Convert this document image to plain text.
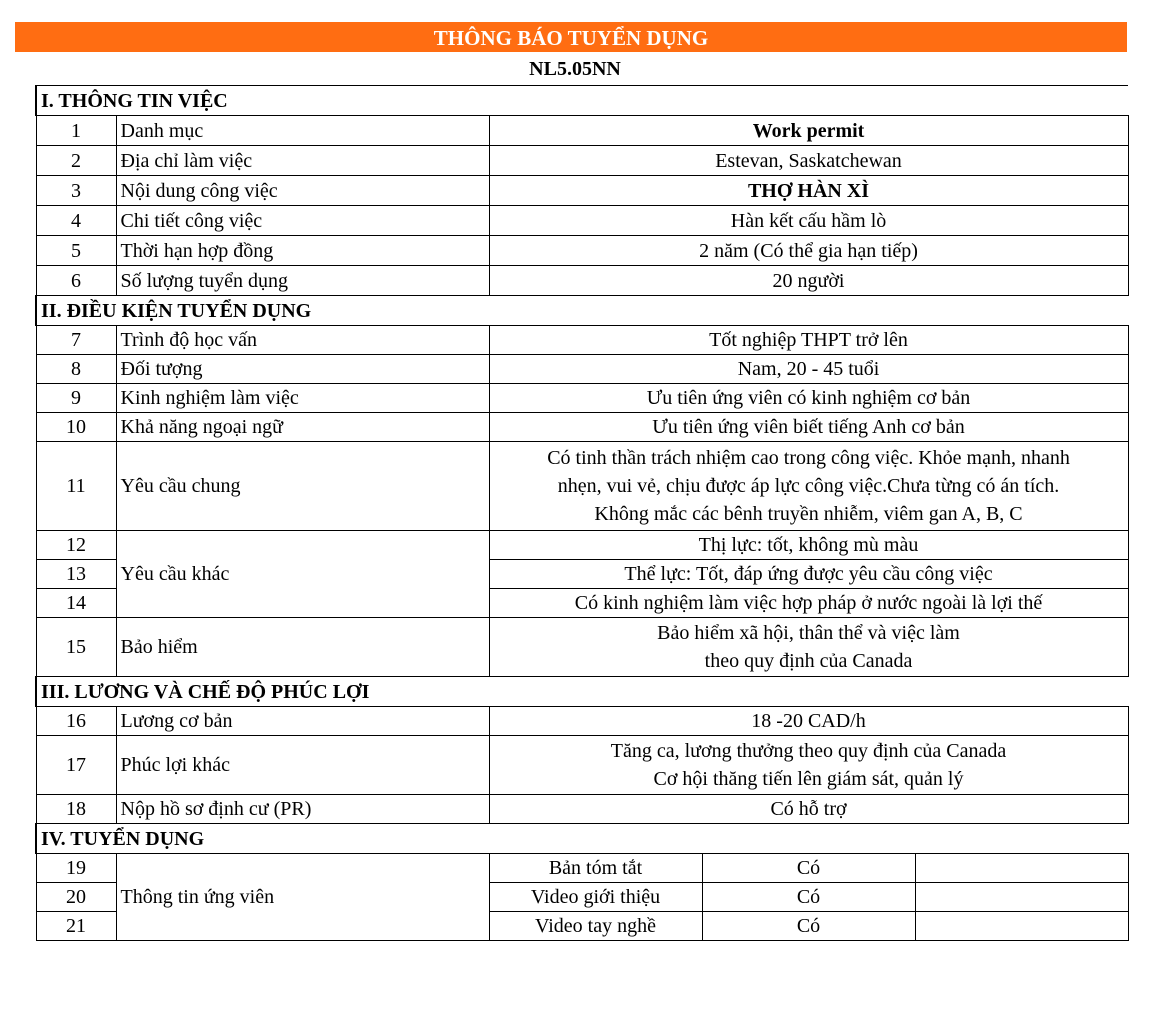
THÔNG BÁO TUYỂN DỤNG
NL5.05NN
I. THÔNG TIN VIỆC				
1	Danh mục	Work permit		
2	Địa chỉ làm việc	Estevan, Saskatchewan		
3	Nội dung công việc	THỢ HÀN XÌ		
4	Chi tiết công việc	Hàn kết cấu hầm lò		
5	Thời hạn hợp đồng	2 năm (Có thể gia hạn tiếp)		
6	Số lượng tuyển dụng	20 người		
II. ĐIỀU KIỆN TUYỂN DỤNG				
7	Trình độ học vấn	Tốt nghiệp THPT trở lên		
8	Đối tượng	Nam, 20 - 45 tuổi		
9	Kinh nghiệm làm việc	Ưu tiên ứng viên có kinh nghiệm cơ bản		
10	Khả năng ngoại ngữ	Ưu tiên ứng viên biết tiếng Anh cơ bản		
11	Yêu cầu chung	Có tinh thần trách nhiệm cao trong công việc. Khỏe mạnh, nhanh
nhẹn, vui vẻ, chịu được áp lực công việc.Chưa từng có án tích.
Không mắc các bênh truyền nhiễm, viêm gan A, B, C		

12	Yêu cầu khác	Thị lực: tốt, không mù màu		
13		Thể lực: Tốt, đáp ứng được yêu cầu công việc		
14		Có kinh nghiệm làm việc hợp pháp ở nước ngoài là lợi thế		
15	Bảo hiểm	Bảo hiểm xã hội, thân thể và việc làm
theo quy định của Canada		

III. LƯƠNG VÀ CHẾ ĐỘ PHÚC LỢI				
16	Lương cơ bản	18 -20 CAD/h		
17	Phúc lợi khác	Tăng ca, lương thưởng theo quy định của Canada
Cơ hội thăng tiến lên giám sát, quản lý		

18	Nộp hồ sơ định cư (PR)	Có hỗ trợ		
IV. TUYỂN DỤNG				
19	Thông tin ứng viên	Bản tóm tắt	Có	
20		Video giới thiệu	Có	
21		Video tay nghề	Có	
